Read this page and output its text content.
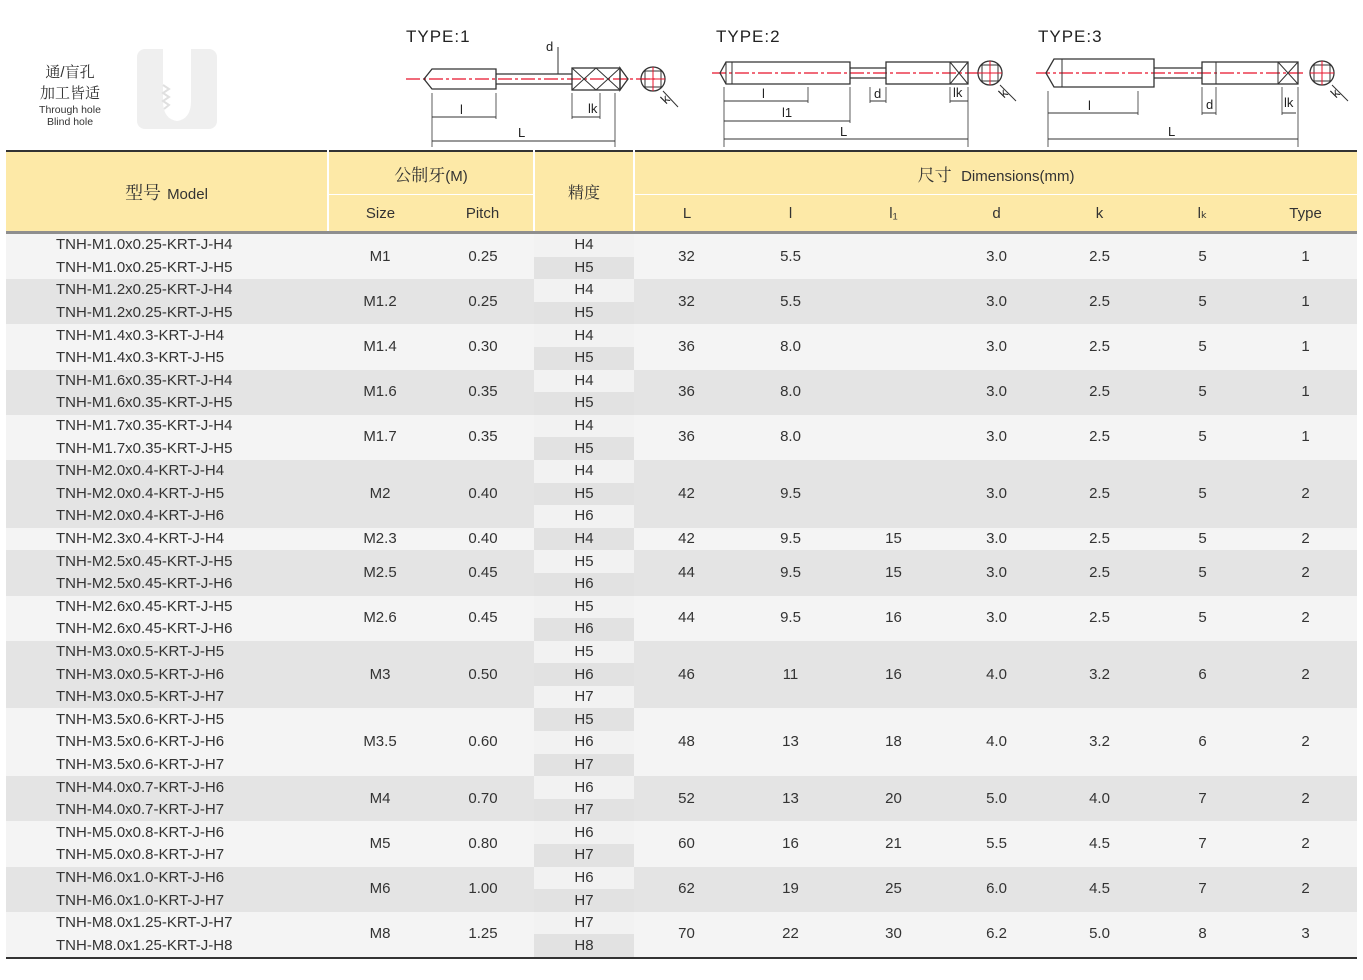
通/盲孔
加工皆适
Through hole
Blind hole
TYPE:1	TYPE:2	TYPE:3
d
l	lk
L
k	l
l1
d	lk
L
k
l	d	lk
L
k
型号 Model	公制牙(M)		精度	尺寸 Dimensions(mm)						
	Size	Pitch		L	l	l₁	d	k	lₖ	Type

TNH-M1.0x0.25-KRT-J-H4	M1	0.25	H4	32	5.5		3.0	2.5	5	1
TNH-M1.0x0.25-KRT-J-H5			H5							
TNH-M1.2x0.25-KRT-J-H4	M1.2	0.25	H4	32	5.5		3.0	2.5	5	1
TNH-M1.2x0.25-KRT-J-H5			H5							
TNH-M1.4x0.3-KRT-J-H4	M1.4	0.30	H4	36	8.0		3.0	2.5	5	1
TNH-M1.4x0.3-KRT-J-H5			H5							
TNH-M1.6x0.35-KRT-J-H4	M1.6	0.35	H4	36	8.0		3.0	2.5	5	1
TNH-M1.6x0.35-KRT-J-H5			H5							
TNH-M1.7x0.35-KRT-J-H4	M1.7	0.35	H4	36	8.0		3.0	2.5	5	1
TNH-M1.7x0.35-KRT-J-H5			H5							
TNH-M2.0x0.4-KRT-J-H4	M2	0.40	H4	42	9.5		3.0	2.5	5	2
TNH-M2.0x0.4-KRT-J-H5			H5							
TNH-M2.0x0.4-KRT-J-H6			H6							
TNH-M2.3x0.4-KRT-J-H4	M2.3	0.40	H4	42	9.5	15	3.0	2.5	5	2
TNH-M2.5x0.45-KRT-J-H5	M2.5	0.45	H5	44	9.5	15	3.0	2.5	5	2
TNH-M2.5x0.45-KRT-J-H6			H6							
TNH-M2.6x0.45-KRT-J-H5	M2.6	0.45	H5	44	9.5	16	3.0	2.5	5	2
TNH-M2.6x0.45-KRT-J-H6			H6							
TNH-M3.0x0.5-KRT-J-H5	M3	0.50	H5	46	11	16	4.0	3.2	6	2
TNH-M3.0x0.5-KRT-J-H6			H6							
TNH-M3.0x0.5-KRT-J-H7			H7							
TNH-M3.5x0.6-KRT-J-H5	M3.5	0.60	H5	48	13	18	4.0	3.2	6	2
TNH-M3.5x0.6-KRT-J-H6			H6							
TNH-M3.5x0.6-KRT-J-H7			H7							
TNH-M4.0x0.7-KRT-J-H6	M4	0.70	H6	52	13	20	5.0	4.0	7	2
TNH-M4.0x0.7-KRT-J-H7			H7							
TNH-M5.0x0.8-KRT-J-H6	M5	0.80	H6	60	16	21	5.5	4.5	7	2
TNH-M5.0x0.8-KRT-J-H7			H7							
TNH-M6.0x1.0-KRT-J-H6	M6	1.00	H6	62	19	25	6.0	4.5	7	2
TNH-M6.0x1.0-KRT-J-H7			H7							
TNH-M8.0x1.25-KRT-J-H7	M8	1.25	H7	70	22	30	6.2	5.0	8	3
TNH-M8.0x1.25-KRT-J-H8			H8							
